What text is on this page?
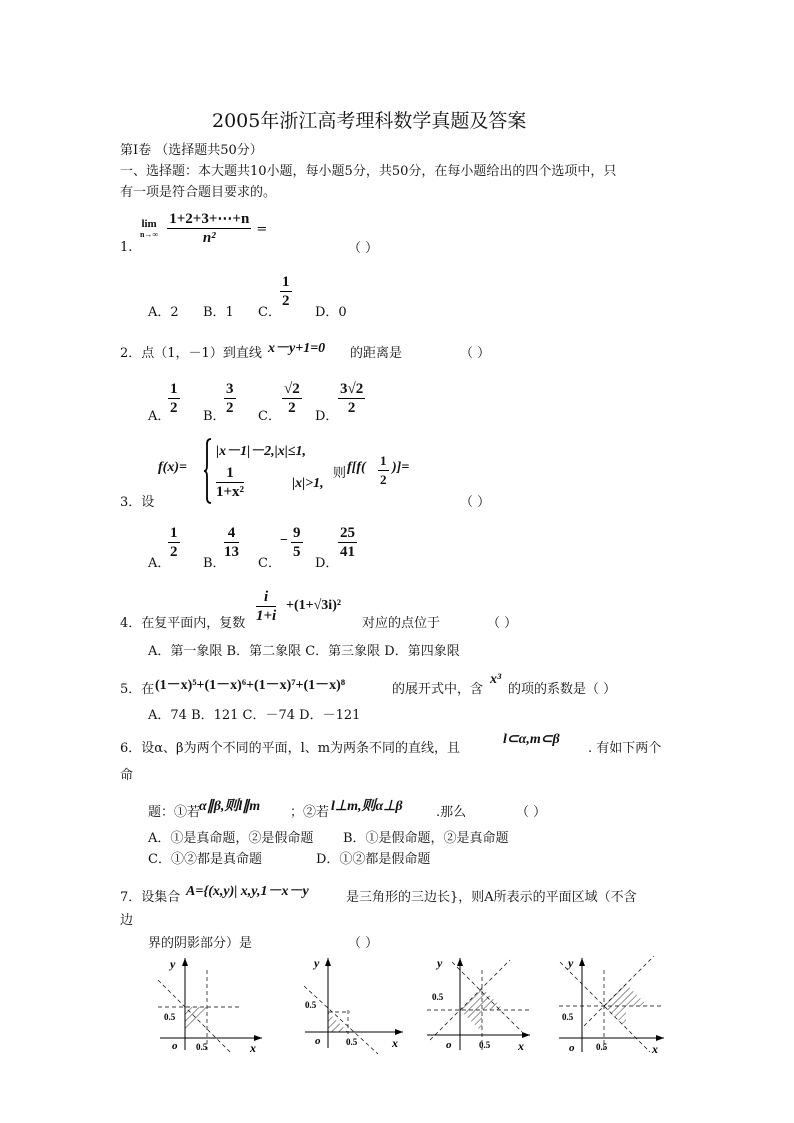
2005年浙江高考理科数学真题及答案
第Ⅰ卷 （选择题共50分）
一、选择题：本大题共10小题，每小题5分，共50分，在每小题给出的四个选项中，只
有一项是符合题目要求的。
1.
lim
n→∞
$\frac{1+2+3+\cdots+n}{\text{n²}}$ =
（ ）
A．2 B．1 C．
$\frac{1}{2}$
D．0
2．点（1，－1）到直线 x－y+1=0 的距离是	（ ）
A．
$\frac{1}{2}$ B．
$\frac{3}{2}$ C． $\frac{√2}{2}$ D． $\frac{3√2}{2}$
3．设
f(x)=
|x－1|－2,|x|≤1,
$\frac{1}{\text{1+x²}}$	|x|>1,
则 $f[f( \frac{1}{2}$ )]=
（ ）
A．
$\frac{1}{2}$
B．
$\frac{4}{13}$
C．
− $\frac{9}{5}$
D．
$\frac{25}{41}$
4．在复平面内，复数 $\frac{i}{1+i} +(1+√3i)^2$
对应的点位于	（ ）
A．第一象限 B．第二象限 C．第三象限 D．第四象限
5．在 (1－x)⁵+(1－x)⁶+(1－x)⁷+(1－x)⁸	的展开式中，含
x³
的项的系数是（ ）
A．74 B．121 C．－74 D．－121
6．设α、β为两个不同的平面，l、m为两条不同的直线，且
l⊂α,m⊂β
. 有如下两个
命
题：①若
α∥β,则l∥m ；②若 l⊥m,则α⊥β	.那么	（ ）
A．①是真命题，②是假命题 B．①是假命题，②是真命题
C．①②都是真命题	D．①②都是假命题
7．设集合 A={(x,y)| x,y,1－x－y	是三角形的三边长}，则A所表示的平面区域（不含
边
界的阴影部分）是	（ ）
y
x
o
0.5
0.5
y
x
o
0.5
0.5
y
x
o
0.5
0.5
y
x
o
0.5
0.5
